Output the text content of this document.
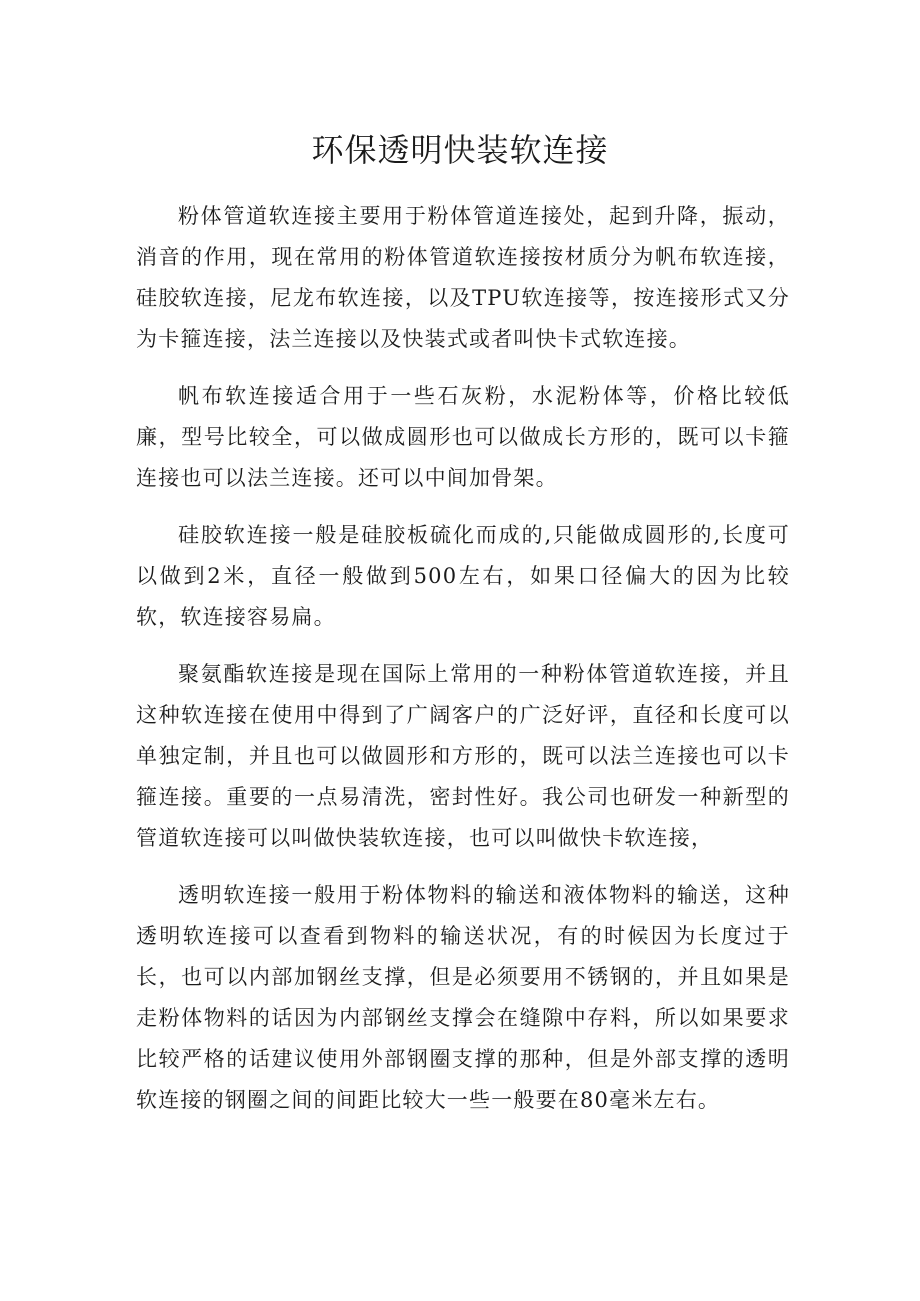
环保透明快装软连接

粉体管道软连接主要用于粉体管道连接处，起到升降，振动，消音的作用，现在常用的粉体管道软连接按材质分为帆布软连接，硅胶软连接，尼龙布软连接，以及TPU软连接等，按连接形式又分为卡箍连接，法兰连接以及快装式或者叫快卡式软连接。

帆布软连接适合用于一些石灰粉，水泥粉体等，价格比较低廉，型号比较全，可以做成圆形也可以做成长方形的，既可以卡箍连接也可以法兰连接。还可以中间加骨架。

硅胶软连接一般是硅胶板硫化而成的,只能做成圆形的,长度可以做到2米，直径一般做到500左右，如果口径偏大的因为比较软，软连接容易扁。

聚氨酯软连接是现在国际上常用的一种粉体管道软连接，并且这种软连接在使用中得到了广阔客户的广泛好评，直径和长度可以单独定制，并且也可以做圆形和方形的，既可以法兰连接也可以卡箍连接。重要的一点易清洗，密封性好。我公司也研发一种新型的管道软连接可以叫做快装软连接，也可以叫做快卡软连接，

透明软连接一般用于粉体物料的输送和液体物料的输送，这种透明软连接可以查看到物料的输送状况，有的时候因为长度过于长，也可以内部加钢丝支撑，但是必须要用不锈钢的，并且如果是走粉体物料的话因为内部钢丝支撑会在缝隙中存料，所以如果要求比较严格的话建议使用外部钢圈支撑的那种，但是外部支撑的透明软连接的钢圈之间的间距比较大一些一般要在80毫米左右。
